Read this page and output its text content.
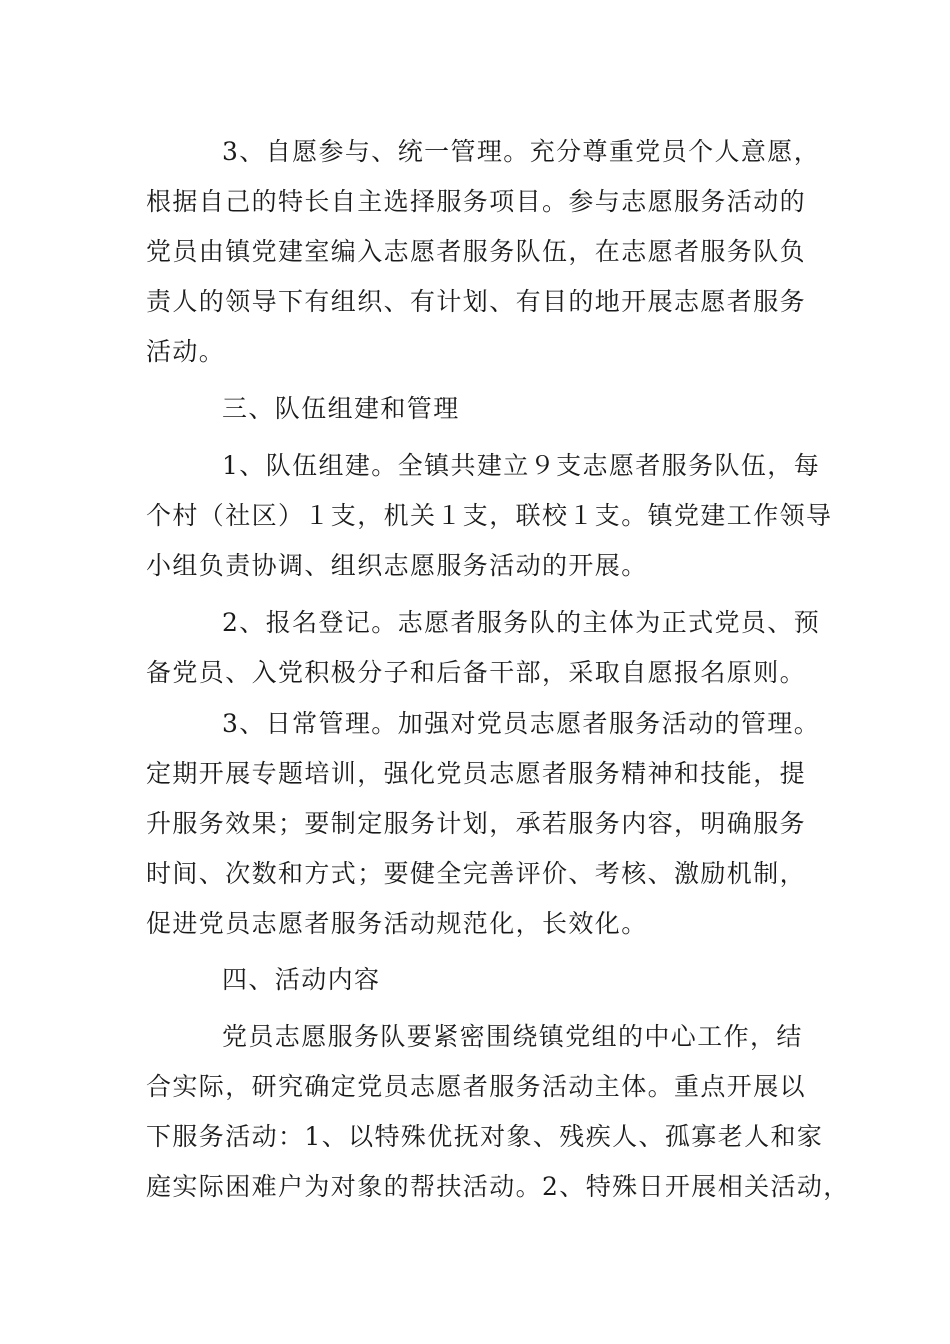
3、自愿参与、统一管理。充分尊重党员个人意愿，

根据自己的特长自主选择服务项目。参与志愿服务活动的

党员由镇党建室编入志愿者服务队伍，在志愿者服务队负

责人的领导下有组织、有计划、有目的地开展志愿者服务

活动。

三、队伍组建和管理

1、队伍组建。全镇共建立９支志愿者服务队伍，每

个村（社区）１支，机关１支，联校１支。镇党建工作领导

小组负责协调、组织志愿服务活动的开展。

2、报名登记。志愿者服务队的主体为正式党员、预

备党员、入党积极分子和后备干部，采取自愿报名原则。

3、日常管理。加强对党员志愿者服务活动的管理。

定期开展专题培训，强化党员志愿者服务精神和技能，提

升服务效果；要制定服务计划，承若服务内容，明确服务

时间、次数和方式；要健全完善评价、考核、激励机制，

促进党员志愿者服务活动规范化，长效化。

四、活动内容

党员志愿服务队要紧密围绕镇党组的中心工作，结

合实际，研究确定党员志愿者服务活动主体。重点开展以

下服务活动：1、以特殊优抚对象、残疾人、孤寡老人和家

庭实际困难户为对象的帮扶活动。2、特殊日开展相关活动，
